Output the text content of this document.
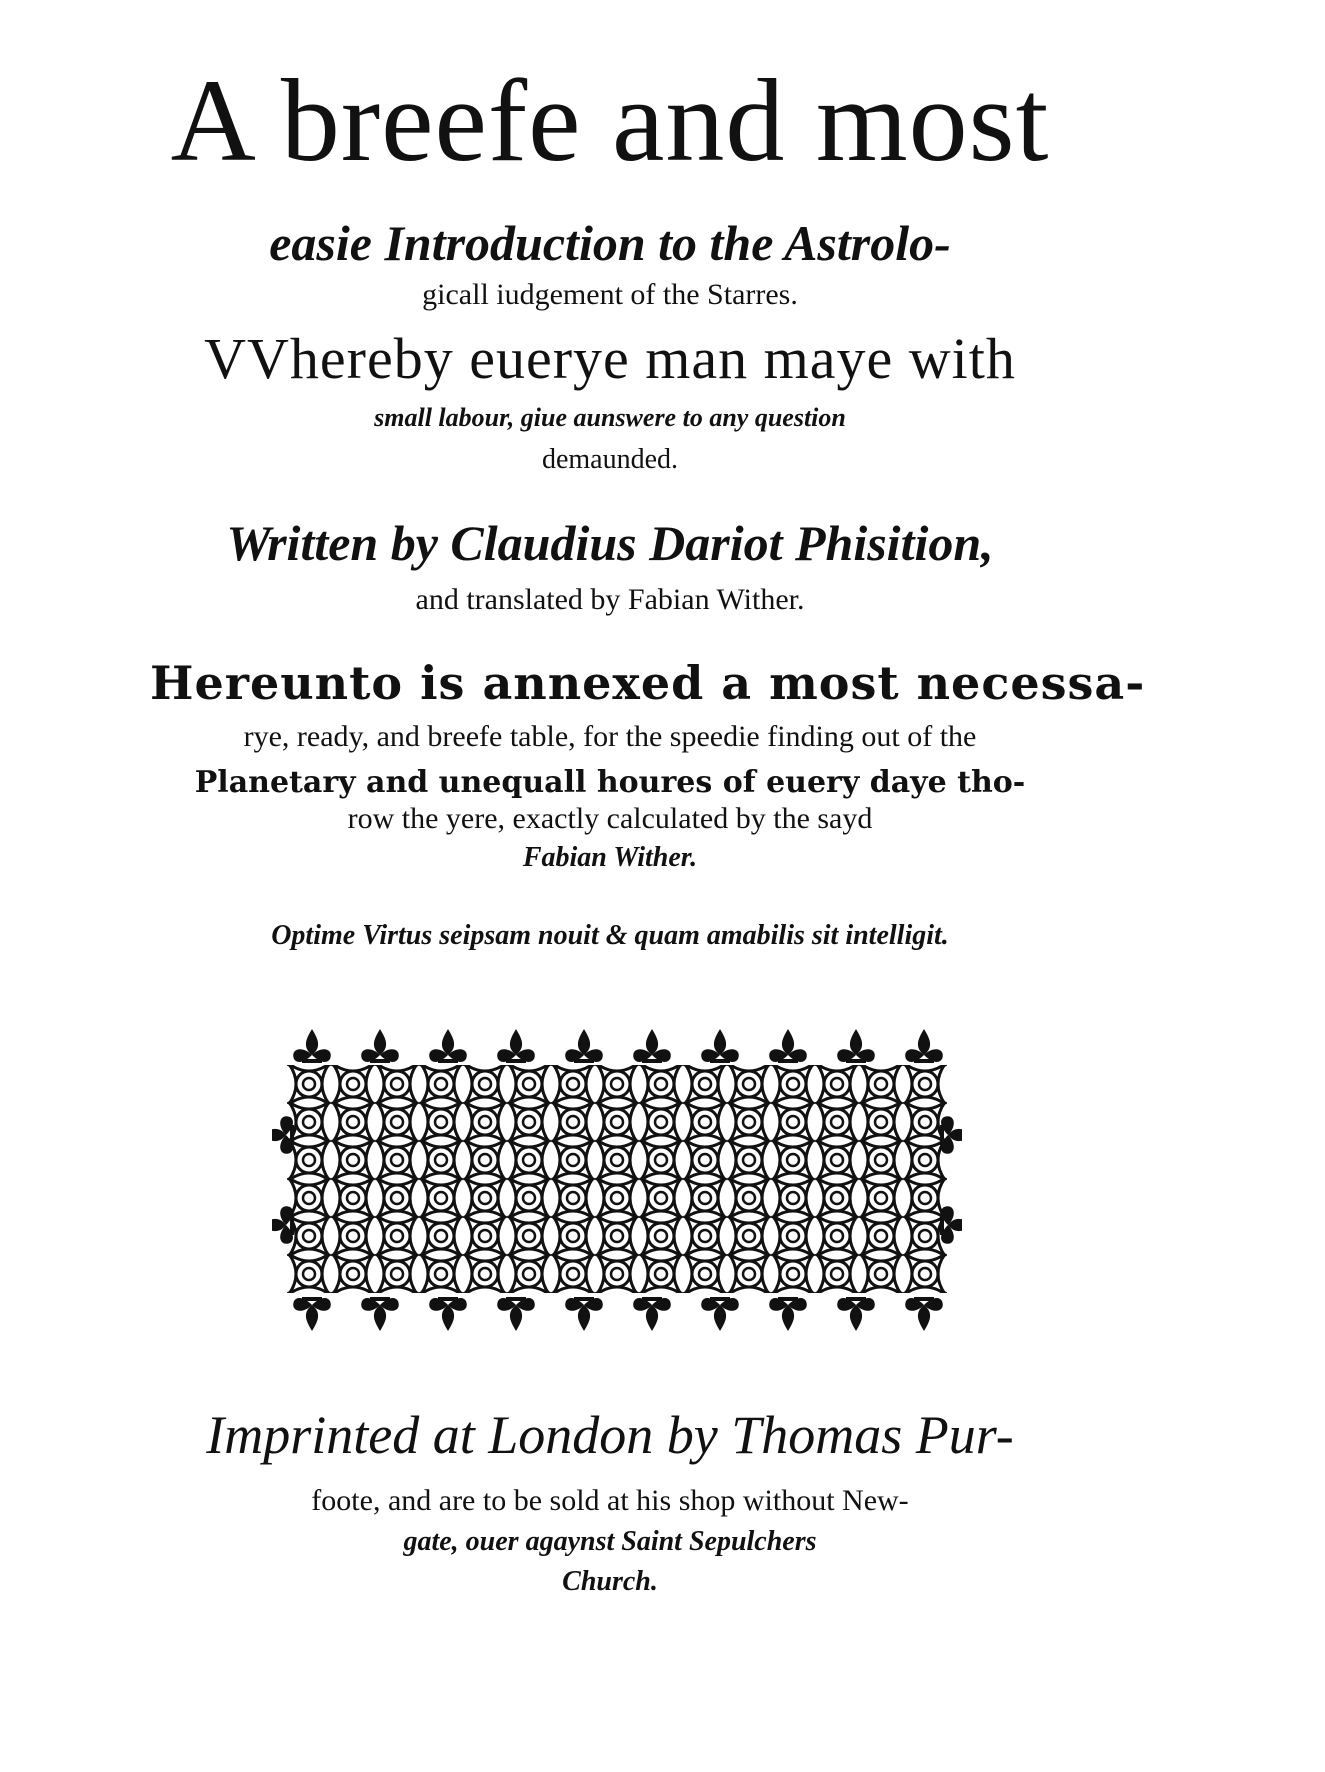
A breefe and most
easie Introduction to the Astrolo-
gicall iudgement of the Starres.
VVhereby euerye man maye with
small labour, giue aunswere to any question
demaunded.
Written by Claudius Dariot Phisition,
and translated by Fabian Wither.
Hereunto is annexed a most necessa-
rye, ready, and breefe table, for the speedie finding out of the
Planetary and unequall houres of euery daye tho-
row the yere, exactly calculated by the sayd
Fabian Wither.
Optime Virtus seipsam nouit & quam amabilis sit intelligit.
Imprinted at London by Thomas Pur-
foote, and are to be sold at his shop without New-
gate, ouer agaynst Saint Sepulchers
Church.
